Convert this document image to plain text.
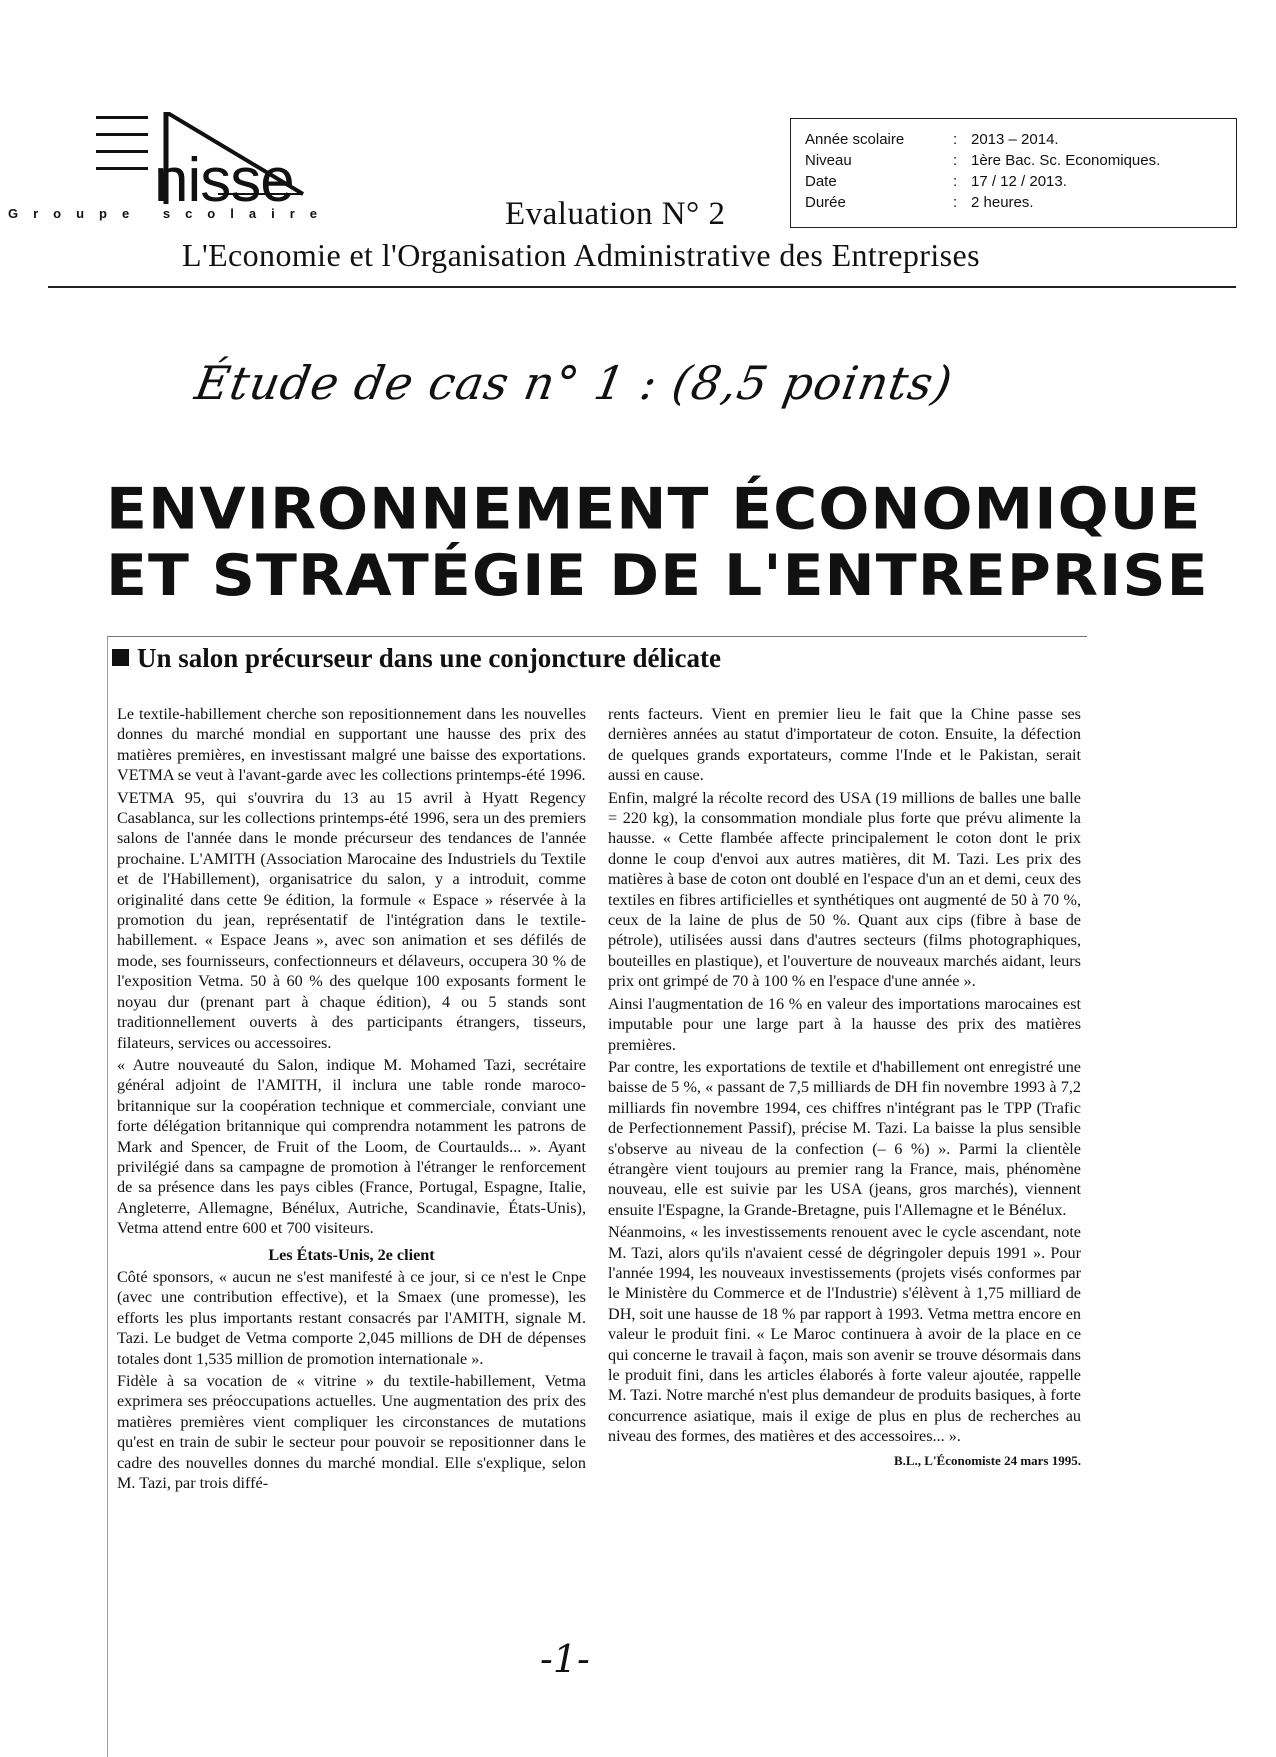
nisse
Groupe scolaire
Année scolaire	: 2013 – 2014.
Niveau	: 1ère Bac. Sc. Economiques.
Date	: 17 / 12 / 2013.
Durée	: 2 heures.
Evaluation N° 2
L'Economie et l'Organisation Administrative des Entreprises
Étude de cas n° 1 : (8,5 points)
ENVIRONNEMENT ÉCONOMIQUE
ET STRATÉGIE DE L'ENTREPRISE
Un salon précurseur dans une conjoncture délicate

Le textile-habillement cherche son repositionnement dans les nouvelles donnes du marché mondial en supportant une hausse des prix des matières premières, en investissant malgré une baisse des exportations. VETMA se veut à l'avant-garde avec les collections printemps-été 1996.

VETMA 95, qui s'ouvrira du 13 au 15 avril à Hyatt Regency Casablanca, sur les collections printemps-été 1996, sera un des premiers salons de l'année dans le monde précurseur des tendances de l'année prochaine. L'AMITH (Association Marocaine des Industriels du Textile et de l'Habillement), organisatrice du salon, y a introduit, comme originalité dans cette 9e édition, la formule « Espace » réservée à la promotion du jean, représentatif de l'intégration dans le textile-habillement. « Espace Jeans », avec son animation et ses défilés de mode, ses fournisseurs, confectionneurs et délaveurs, occupera 30 % de l'exposition Vetma. 50 à 60 % des quelque 100 exposants forment le noyau dur (prenant part à chaque édition), 4 ou 5 stands sont traditionnellement ouverts à des participants étrangers, tisseurs, filateurs, services ou accessoires.

« Autre nouveauté du Salon, indique M. Mohamed Tazi, secrétaire général adjoint de l'AMITH, il inclura une table ronde maroco-britannique sur la coopération technique et commerciale, conviant une forte délégation britannique qui comprendra notamment les patrons de Mark and Spencer, de Fruit of the Loom, de Courtaulds... ». Ayant privilégié dans sa campagne de promotion à l'étranger le renforcement de sa présence dans les pays cibles (France, Portugal, Espagne, Italie, Angleterre, Allemagne, Bénélux, Autriche, Scandinavie, États-Unis), Vetma attend entre 600 et 700 visiteurs.

Les États-Unis, 2e client

Côté sponsors, « aucun ne s'est manifesté à ce jour, si ce n'est le Cnpe (avec une contribution effective), et la Smaex (une promesse), les efforts les plus importants restant consacrés par l'AMITH, signale M. Tazi. Le budget de Vetma comporte 2,045 millions de DH de dépenses totales dont 1,535 million de promotion internationale ».

Fidèle à sa vocation de « vitrine » du textile-habillement, Vetma exprimera ses préoccupations actuelles. Une augmentation des prix des matières premières vient compliquer les circonstances de mutations qu'est en train de subir le secteur pour pouvoir se repositionner dans le cadre des nouvelles donnes du marché mondial. Elle s'explique, selon M. Tazi, par trois diffé-

rents facteurs. Vient en premier lieu le fait que la Chine passe ses dernières années au statut d'importateur de coton. Ensuite, la défection de quelques grands exportateurs, comme l'Inde et le Pakistan, serait aussi en cause.

Enfin, malgré la récolte record des USA (19 millions de balles une balle = 220 kg), la consommation mondiale plus forte que prévu alimente la hausse. « Cette flambée affecte principalement le coton dont le prix donne le coup d'envoi aux autres matières, dit M. Tazi. Les prix des matières à base de coton ont doublé en l'espace d'un an et demi, ceux des textiles en fibres artificielles et synthétiques ont augmenté de 50 à 70 %, ceux de la laine de plus de 50 %. Quant aux cips (fibre à base de pétrole), utilisées aussi dans d'autres secteurs (films photographiques, bouteilles en plastique), et l'ouverture de nouveaux marchés aidant, leurs prix ont grimpé de 70 à 100 % en l'espace d'une année ».

Ainsi l'augmentation de 16 % en valeur des importations marocaines est imputable pour une large part à la hausse des prix des matières premières.

Par contre, les exportations de textile et d'habillement ont enregistré une baisse de 5 %, « passant de 7,5 milliards de DH fin novembre 1993 à 7,2 milliards fin novembre 1994, ces chiffres n'intégrant pas le TPP (Trafic de Perfectionnement Passif), précise M. Tazi. La baisse la plus sensible s'observe au niveau de la confection (– 6 %) ». Parmi la clientèle étrangère vient toujours au premier rang la France, mais, phénomène nouveau, elle est suivie par les USA (jeans, gros marchés), viennent ensuite l'Espagne, la Grande-Bretagne, puis l'Allemagne et le Bénélux.

Néanmoins, « les investissements renouent avec le cycle ascendant, note M. Tazi, alors qu'ils n'avaient cessé de dégringoler depuis 1991 ». Pour l'année 1994, les nouveaux investissements (projets visés conformes par le Ministère du Commerce et de l'Industrie) s'élèvent à 1,75 milliard de DH, soit une hausse de 18 % par rapport à 1993. Vetma mettra encore en valeur le produit fini. « Le Maroc continuera à avoir de la place en ce qui concerne le travail à façon, mais son avenir se trouve désormais dans le produit fini, dans les articles élaborés à forte valeur ajoutée, rappelle M. Tazi. Notre marché n'est plus demandeur de produits basiques, à forte concurrence asiatique, mais il exige de plus en plus de recherches au niveau des formes, des matières et des accessoires... ».

B.L., L'Économiste 24 mars 1995.
-1-
